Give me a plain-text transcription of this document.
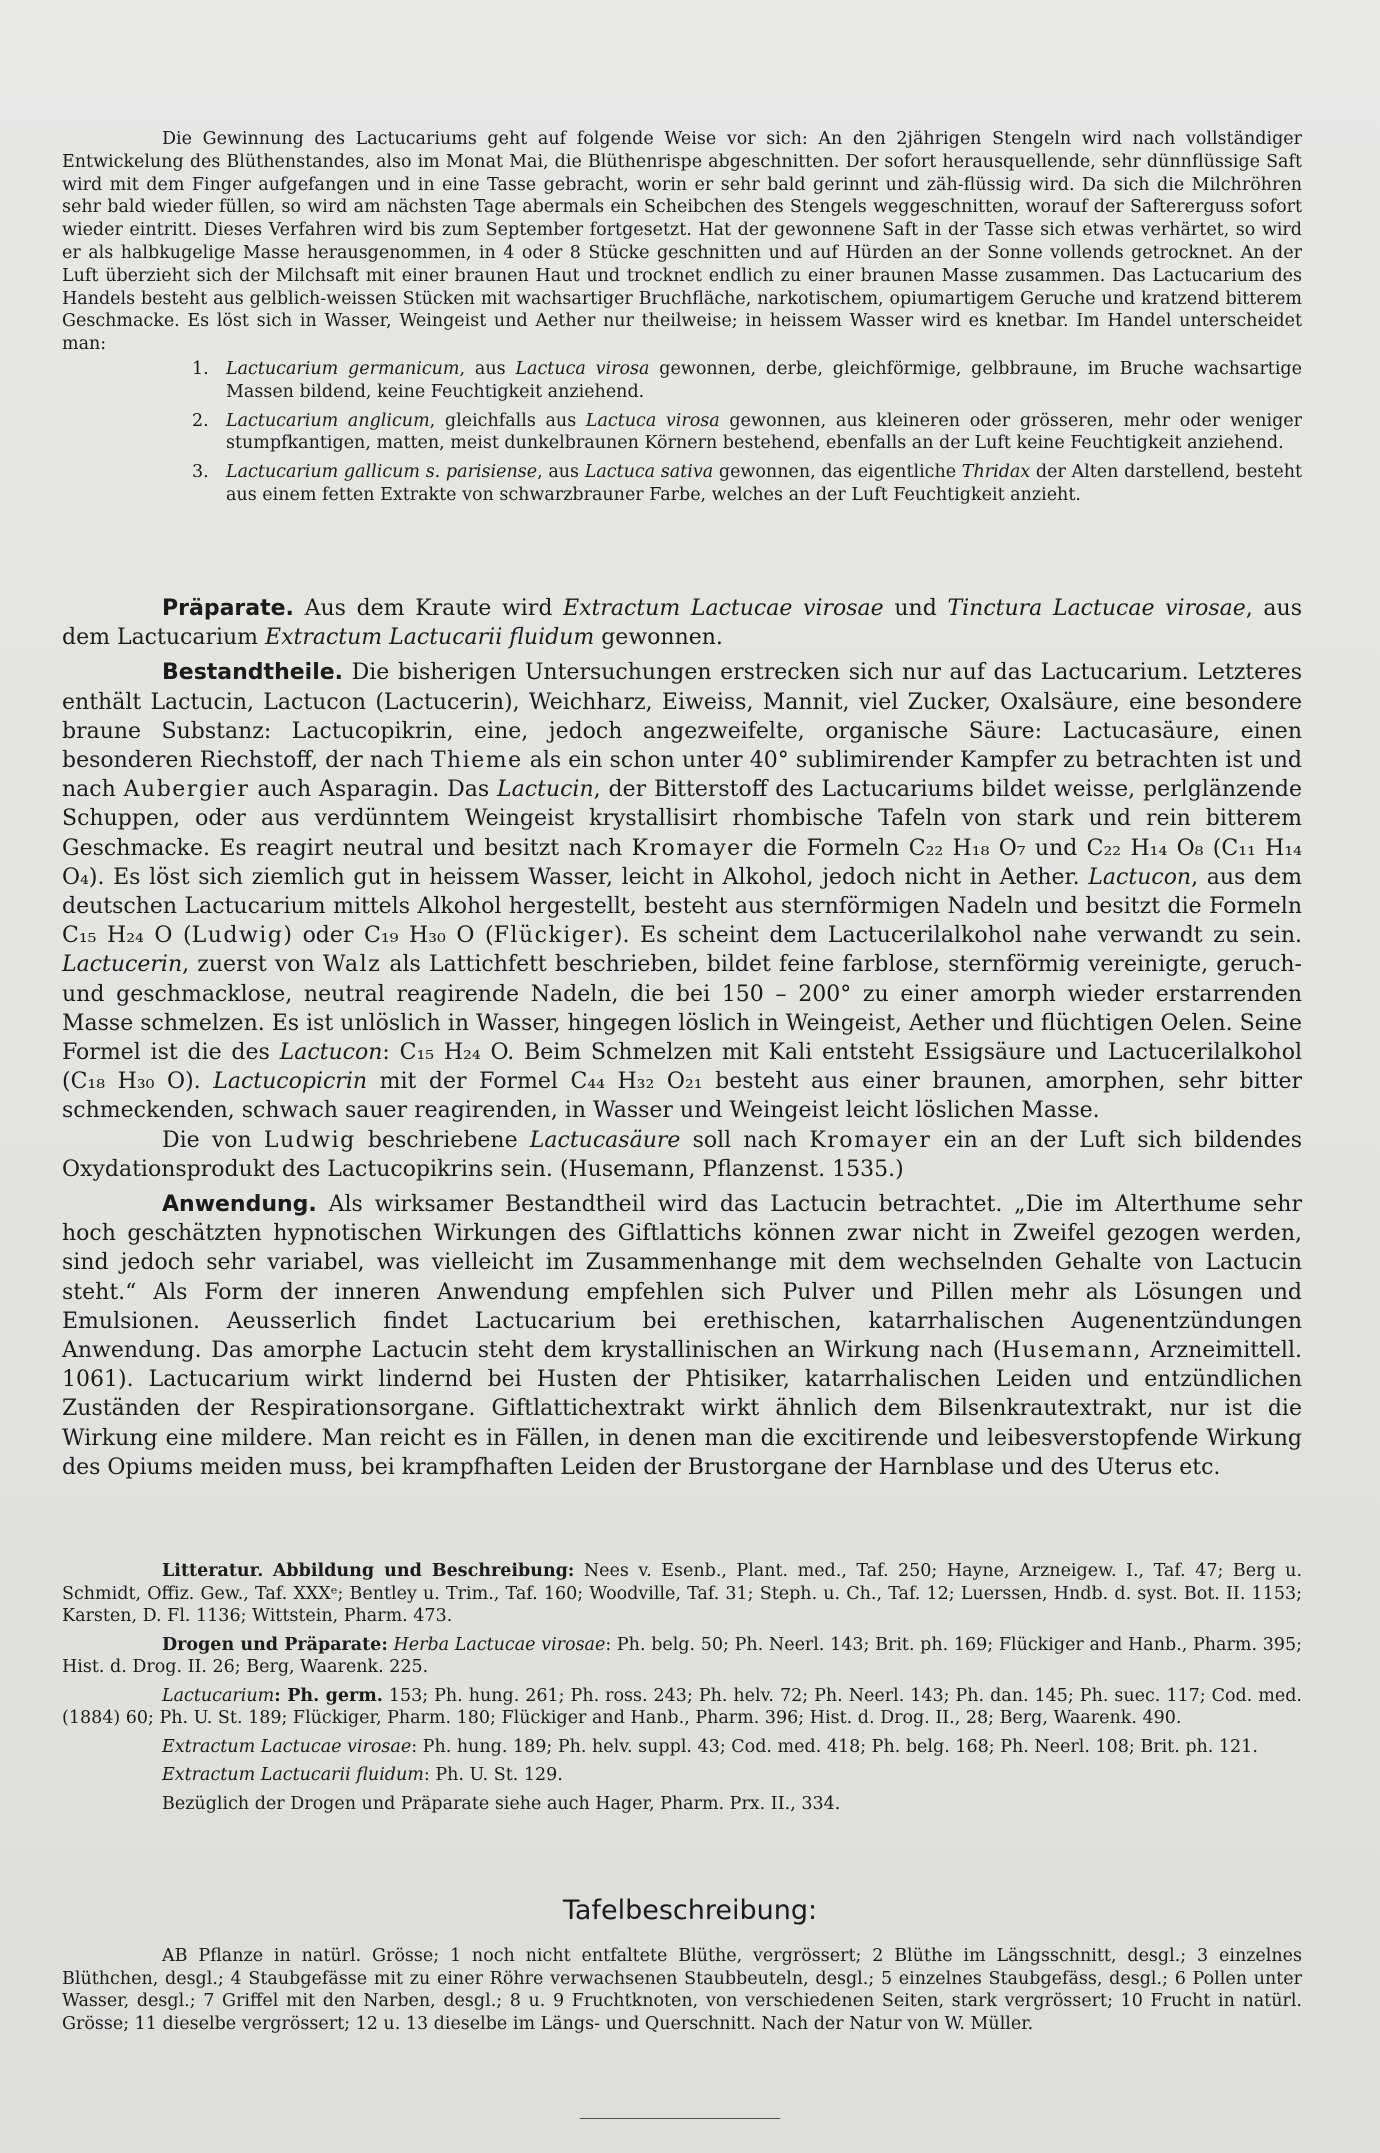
Die Gewinnung des Lactucariums geht auf folgende Weise vor sich: An den 2jährigen Stengeln wird nach vollständiger Entwickelung des Blüthenstandes, also im Monat Mai, die Blüthenrispe abgeschnitten. Der sofort herausquellende, sehr dünnflüssige Saft wird mit dem Finger aufgefangen und in eine Tasse gebracht, worin er sehr bald gerinnt und zäh-flüssig wird. Da sich die Milchröhren sehr bald wieder füllen, so wird am nächsten Tage abermals ein Scheibchen des Stengels weggeschnitten, worauf der Saftererguss sofort wieder eintritt. Dieses Verfahren wird bis zum September fortgesetzt. Hat der gewonnene Saft in der Tasse sich etwas verhärtet, so wird er als halbkugelige Masse herausgenommen, in 4 oder 8 Stücke geschnitten und auf Hürden an der Sonne vollends getrocknet. An der Luft überzieht sich der Milchsaft mit einer braunen Haut und trocknet endlich zu einer braunen Masse zusammen. Das Lactucarium des Handels besteht aus gelblich-weissen Stücken mit wachsartiger Bruchfläche, narkotischem, opiumartigem Geruche und kratzend bitterem Geschmacke. Es löst sich in Wasser, Weingeist und Aether nur theilweise; in heissem Wasser wird es knetbar. Im Handel unterscheidet man:

1. Lactucarium germanicum, aus Lactuca virosa gewonnen, derbe, gleichförmige, gelbbraune, im Bruche wachsartige Massen bildend, keine Feuchtigkeit anziehend.
2. Lactucarium anglicum, gleichfalls aus Lactuca virosa gewonnen, aus kleineren oder grösseren, mehr oder weniger stumpfkantigen, matten, meist dunkelbraunen Körnern bestehend, ebenfalls an der Luft keine Feuchtigkeit anziehend.
3. Lactucarium gallicum s. parisiense, aus Lactuca sativa gewonnen, das eigentliche Thridax der Alten darstellend, besteht aus einem fetten Extrakte von schwarzbrauner Farbe, welches an der Luft Feuchtigkeit anzieht.

Präparate. Aus dem Kraute wird Extractum Lactucae virosae und Tinctura Lactucae virosae, aus dem Lactucarium Extractum Lactucarii fluidum gewonnen.

Bestandtheile. Die bisherigen Untersuchungen erstrecken sich nur auf das Lactucarium. Letzteres enthält Lactucin, Lactucon (Lactucerin), Weichharz, Eiweiss, Mannit, viel Zucker, Oxalsäure, eine besondere braune Substanz: Lactucopikrin, eine, jedoch angezweifelte, organische Säure: Lactucasäure, einen besonderen Riechstoff, der nach Thieme als ein schon unter 40° sublimirender Kampfer zu betrachten ist und nach Aubergier auch Asparagin. Das Lactucin, der Bitterstoff des Lactucariums bildet weisse, perlglänzende Schuppen, oder aus verdünntem Weingeist krystallisirt rhombische Tafeln von stark und rein bitterem Geschmacke. Es reagirt neutral und besitzt nach Kromayer die Formeln C₂₂ H₁₈ O₇ und C₂₂ H₁₄ O₈ (C₁₁ H₁₄ O₄). Es löst sich ziemlich gut in heissem Wasser, leicht in Alkohol, jedoch nicht in Aether. Lactucon, aus dem deutschen Lactucarium mittels Alkohol hergestellt, besteht aus sternförmigen Nadeln und besitzt die Formeln C₁₅ H₂₄ O (Ludwig) oder C₁₉ H₃₀ O (Flückiger). Es scheint dem Lactucerilalkohol nahe verwandt zu sein. Lactucerin, zuerst von Walz als Lattichfett beschrieben, bildet feine farblose, sternförmig vereinigte, geruch- und geschmacklose, neutral reagirende Nadeln, die bei 150 – 200° zu einer amorph wieder erstarrenden Masse schmelzen. Es ist unlöslich in Wasser, hingegen löslich in Weingeist, Aether und flüchtigen Oelen. Seine Formel ist die des Lactucon: C₁₅ H₂₄ O. Beim Schmelzen mit Kali entsteht Essigsäure und Lactucerilalkohol (C₁₈ H₃₀ O). Lactucopicrin mit der Formel C₄₄ H₃₂ O₂₁ besteht aus einer braunen, amorphen, sehr bitter schmeckenden, schwach sauer reagirenden, in Wasser und Weingeist leicht löslichen Masse.

Die von Ludwig beschriebene Lactucasäure soll nach Kromayer ein an der Luft sich bildendes Oxydationsprodukt des Lactucopikrins sein. (Husemann, Pflanzenst. 1535.)

Anwendung. Als wirksamer Bestandtheil wird das Lactucin betrachtet. „Die im Alterthume sehr hoch geschätzten hypnotischen Wirkungen des Giftlattichs können zwar nicht in Zweifel gezogen werden, sind jedoch sehr variabel, was vielleicht im Zusammenhange mit dem wechselnden Gehalte von Lactucin steht.“ Als Form der inneren Anwendung empfehlen sich Pulver und Pillen mehr als Lösungen und Emulsionen. Aeusserlich findet Lactucarium bei erethischen, katarrhalischen Augenentzündungen Anwendung. Das amorphe Lactucin steht dem krystallinischen an Wirkung nach (Husemann, Arzneimittell. 1061). Lactucarium wirkt lindernd bei Husten der Phtisiker, katarrhalischen Leiden und entzündlichen Zuständen der Respirationsorgane. Giftlattichextrakt wirkt ähnlich dem Bilsenkrautextrakt, nur ist die Wirkung eine mildere. Man reicht es in Fällen, in denen man die excitirende und leibesverstopfende Wirkung des Opiums meiden muss, bei krampfhaften Leiden der Brustorgane der Harnblase und des Uterus etc.

Litteratur. Abbildung und Beschreibung: Nees v. Esenb., Plant. med., Taf. 250; Hayne, Arzneigew. I., Taf. 47; Berg u. Schmidt, Offiz. Gew., Taf. XXXᵉ; Bentley u. Trim., Taf. 160; Woodville, Taf. 31; Steph. u. Ch., Taf. 12; Luerssen, Hndb. d. syst. Bot. II. 1153; Karsten, D. Fl. 1136; Wittstein, Pharm. 473.

Drogen und Präparate: Herba Lactucae virosae: Ph. belg. 50; Ph. Neerl. 143; Brit. ph. 169; Flückiger and Hanb., Pharm. 395; Hist. d. Drog. II. 26; Berg, Waarenk. 225.

Lactucarium: Ph. germ. 153; Ph. hung. 261; Ph. ross. 243; Ph. helv. 72; Ph. Neerl. 143; Ph. dan. 145; Ph. suec. 117; Cod. med. (1884) 60; Ph. U. St. 189; Flückiger, Pharm. 180; Flückiger and Hanb., Pharm. 396; Hist. d. Drog. II., 28; Berg, Waarenk. 490.

Extractum Lactucae virosae: Ph. hung. 189; Ph. helv. suppl. 43; Cod. med. 418; Ph. belg. 168; Ph. Neerl. 108; Brit. ph. 121.

Extractum Lactucarii fluidum: Ph. U. St. 129.

Bezüglich der Drogen und Präparate siehe auch Hager, Pharm. Prx. II., 334.

Tafelbeschreibung:

AB Pflanze in natürl. Grösse; 1 noch nicht entfaltete Blüthe, vergrössert; 2 Blüthe im Längsschnitt, desgl.; 3 einzelnes Blüthchen, desgl.; 4 Staubgefässe mit zu einer Röhre verwachsenen Staubbeuteln, desgl.; 5 einzelnes Staubgefäss, desgl.; 6 Pollen unter Wasser, desgl.; 7 Griffel mit den Narben, desgl.; 8 u. 9 Fruchtknoten, von verschiedenen Seiten, stark vergrössert; 10 Frucht in natürl. Grösse; 11 dieselbe vergrössert; 12 u. 13 dieselbe im Längs- und Querschnitt. Nach der Natur von W. Müller.
